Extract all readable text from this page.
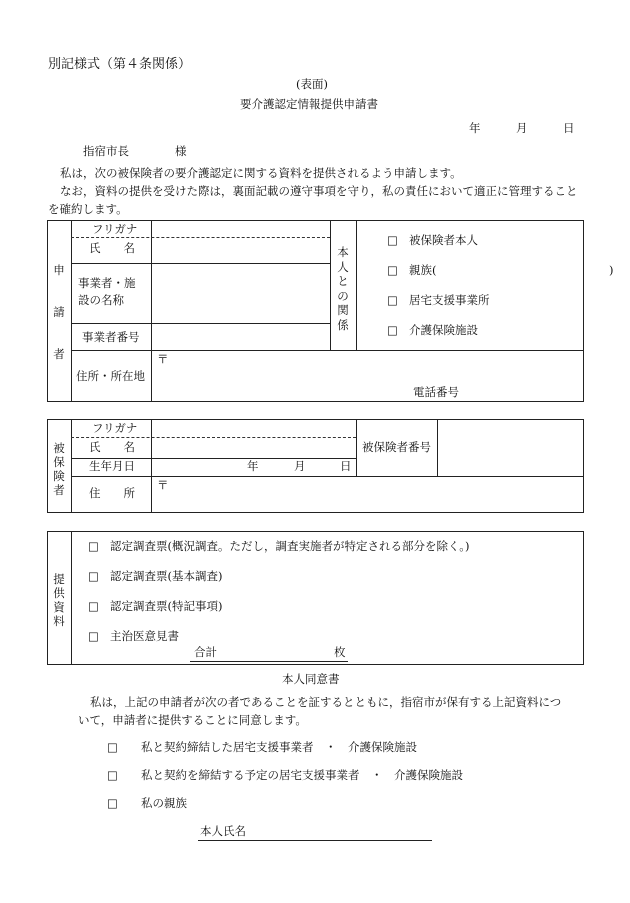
別記様式（第４条関係）
(表面)
要介護認定情報提供申請書
年	月	日
指宿市長	様
私は，次の被保険者の要介護認定に関する資料を提供されるよう申請します。
なお，資料の提供を受けた際は，裏面記載の遵守事項を守り，私の責任において適正に管理すること
を確約します。
申
請
者
フリガナ
氏　　名
事業者・施
設の名称
事業者番号
住所・所在地
〒
電話番号
本
人
と
の
関
係
□ 被保険者本人
□ 親族(　　　　　　　　　　　　　　　)
□ 居宅支援事業所
□ 介護保険施設
被
保
険
者
フリガナ
氏　　名
生年月日	年	月	日
住　　所
〒
被保険者番号
提
供
資
料
□ 認定調査票(概況調査。ただし，調査実施者が特定される部分を除く。)
□ 認定調査票(基本調査)
□ 認定調査票(特記事項)
□ 主治医意見書
合計	枚
本人同意書
私は，上記の申請者が次の者であることを証するとともに，指宿市が保有する上記資料につ
いて，申請者に提供することに同意します。
□ 私と契約締結した居宅支援事業者　・　介護保険施設
□ 私と契約を締結する予定の居宅支援事業者　・　介護保険施設
□ 私の親族
本人氏名
